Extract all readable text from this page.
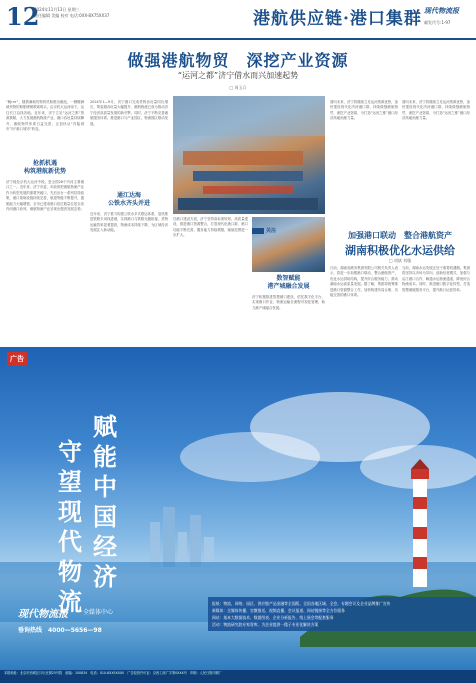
12
2024年11月13日 星期三
责任编辑 美编 校对 电话:0XX-8X75XX37	港航供应链·港口集群 现代物流报
邮发代号:1-97
做强港航物贸　深挖产业资源
“运河之都”济宁借水而兴加速起势
□ 周玉兵
“晚rrrr”，随着满载货物的货船驶出港池，一艘艘满载货物的船舶缓缓驶离码头，沿京杭大运河南下，运往长江沿线各地。近年来，济宁立足“运河之都”资源禀赋，大力发展港航物流产业，港口吞吐量持续攀升，港航物贸体系日益完善，正加快从“内陆城市”向“港口城市”转变。
抢抓机遇
构筑港航新优势
济宁地处京杭大运河中段，是全国28个内河主要港口之一。近年来，济宁市委、市政府把港航物流产业作为转型发展的重要突破口，先后出台一系列扶持政策，港口基础设施持续完善，航道等级不断提升，通航能力大幅增强，全市已建成港口泊位数量位居全省内河港口前列，港航物流产业呈现出强劲发展态势。
2024年1—9月，济宁港口完成货物吞吐量同比增长，集装箱吞吐量大幅提升，港航物流已成为推动济宁经济高质量发展的新引擎。同时，济宁不断完善港航服务体系，推进港口与产业园区、物流园区联动发展。
通江达海
公铁水齐头并进
近年来，济宁着力构建公铁水多式联运体系，加快推进铁路专用线进港，实现港口与铁路无缝衔接，货物运输效率显著提高，物流成本持续下降，为区域经济发展注入新动能。
在港口建设方面，济宁坚持高标准规划、高质量建设，推进港口资源整合，打造现代化港口群，港口功能不断完善，服务能力持续增强，辐射范围进一步扩大。
数智赋能
港产城融合发展
济宁积极推进智慧港口建设，依托数字化平台，实现港口作业、物流运输全流程可视化管理，助力港产城融合发展。
面向未来，济宁将继续立足运河资源优势，加快建设现代化内河港口群，持续做强港航物贸，深挖产业资源，为打造“运河之都”港口经济高地贡献力量。
面向未来，济宁将继续立足运河资源优势，加快建设现代化内河港口群，持续做强港航物贸，深挖产业资源，为打造“运河之都”港口经济高地贡献力量。
关注	加强港口联动　整合港航资产
湖南积极优化水运供给
□ 胡斌 刘璇
日前，湖南省港务集团有限公司相关负责人表示，将进一步加强港口联动，整合港航资产，优化水运供给结构，提升综合服务能力，推动湖南水运高质量发展。据了解，集团将统筹推进港口资源整合工作，加快构建布局合理、功能完善的港口体系。
当前，湖南水运发展正处于重要机遇期。集团将坚持以市场为导向，创新经营模式，加强与沿江港口合作，畅通水运物流通道，降低综合物流成本。同时，推进港口数字化转型，打造智慧港航服务平台，提升港口运营效率。
广告
守望现代物流
赋能中国经济
现代物流报	全媒体中心
垂询热线　4000—5656—98
报纸：物流、网络、园区、供应链产品金融等全国版、全国各地区域、全会、专题会议及企业品牌推广宣传
新媒体：全媒体传播、官微推送、视频直播、会议报道、网站链接等全方位服务
网站：基本大数据技术、数据图表、企业分析报告、线上展会等配套服务
活动：物流研究院专家智库、为企业提供一揽子专业化解决方案
本报地址：北京市西城区月坛北街25号院　邮编：100834　电话：010-6XX5XXX0　广告经营许可证：京西工商广字第0XXX号　印刷：人民日报印刷厂
